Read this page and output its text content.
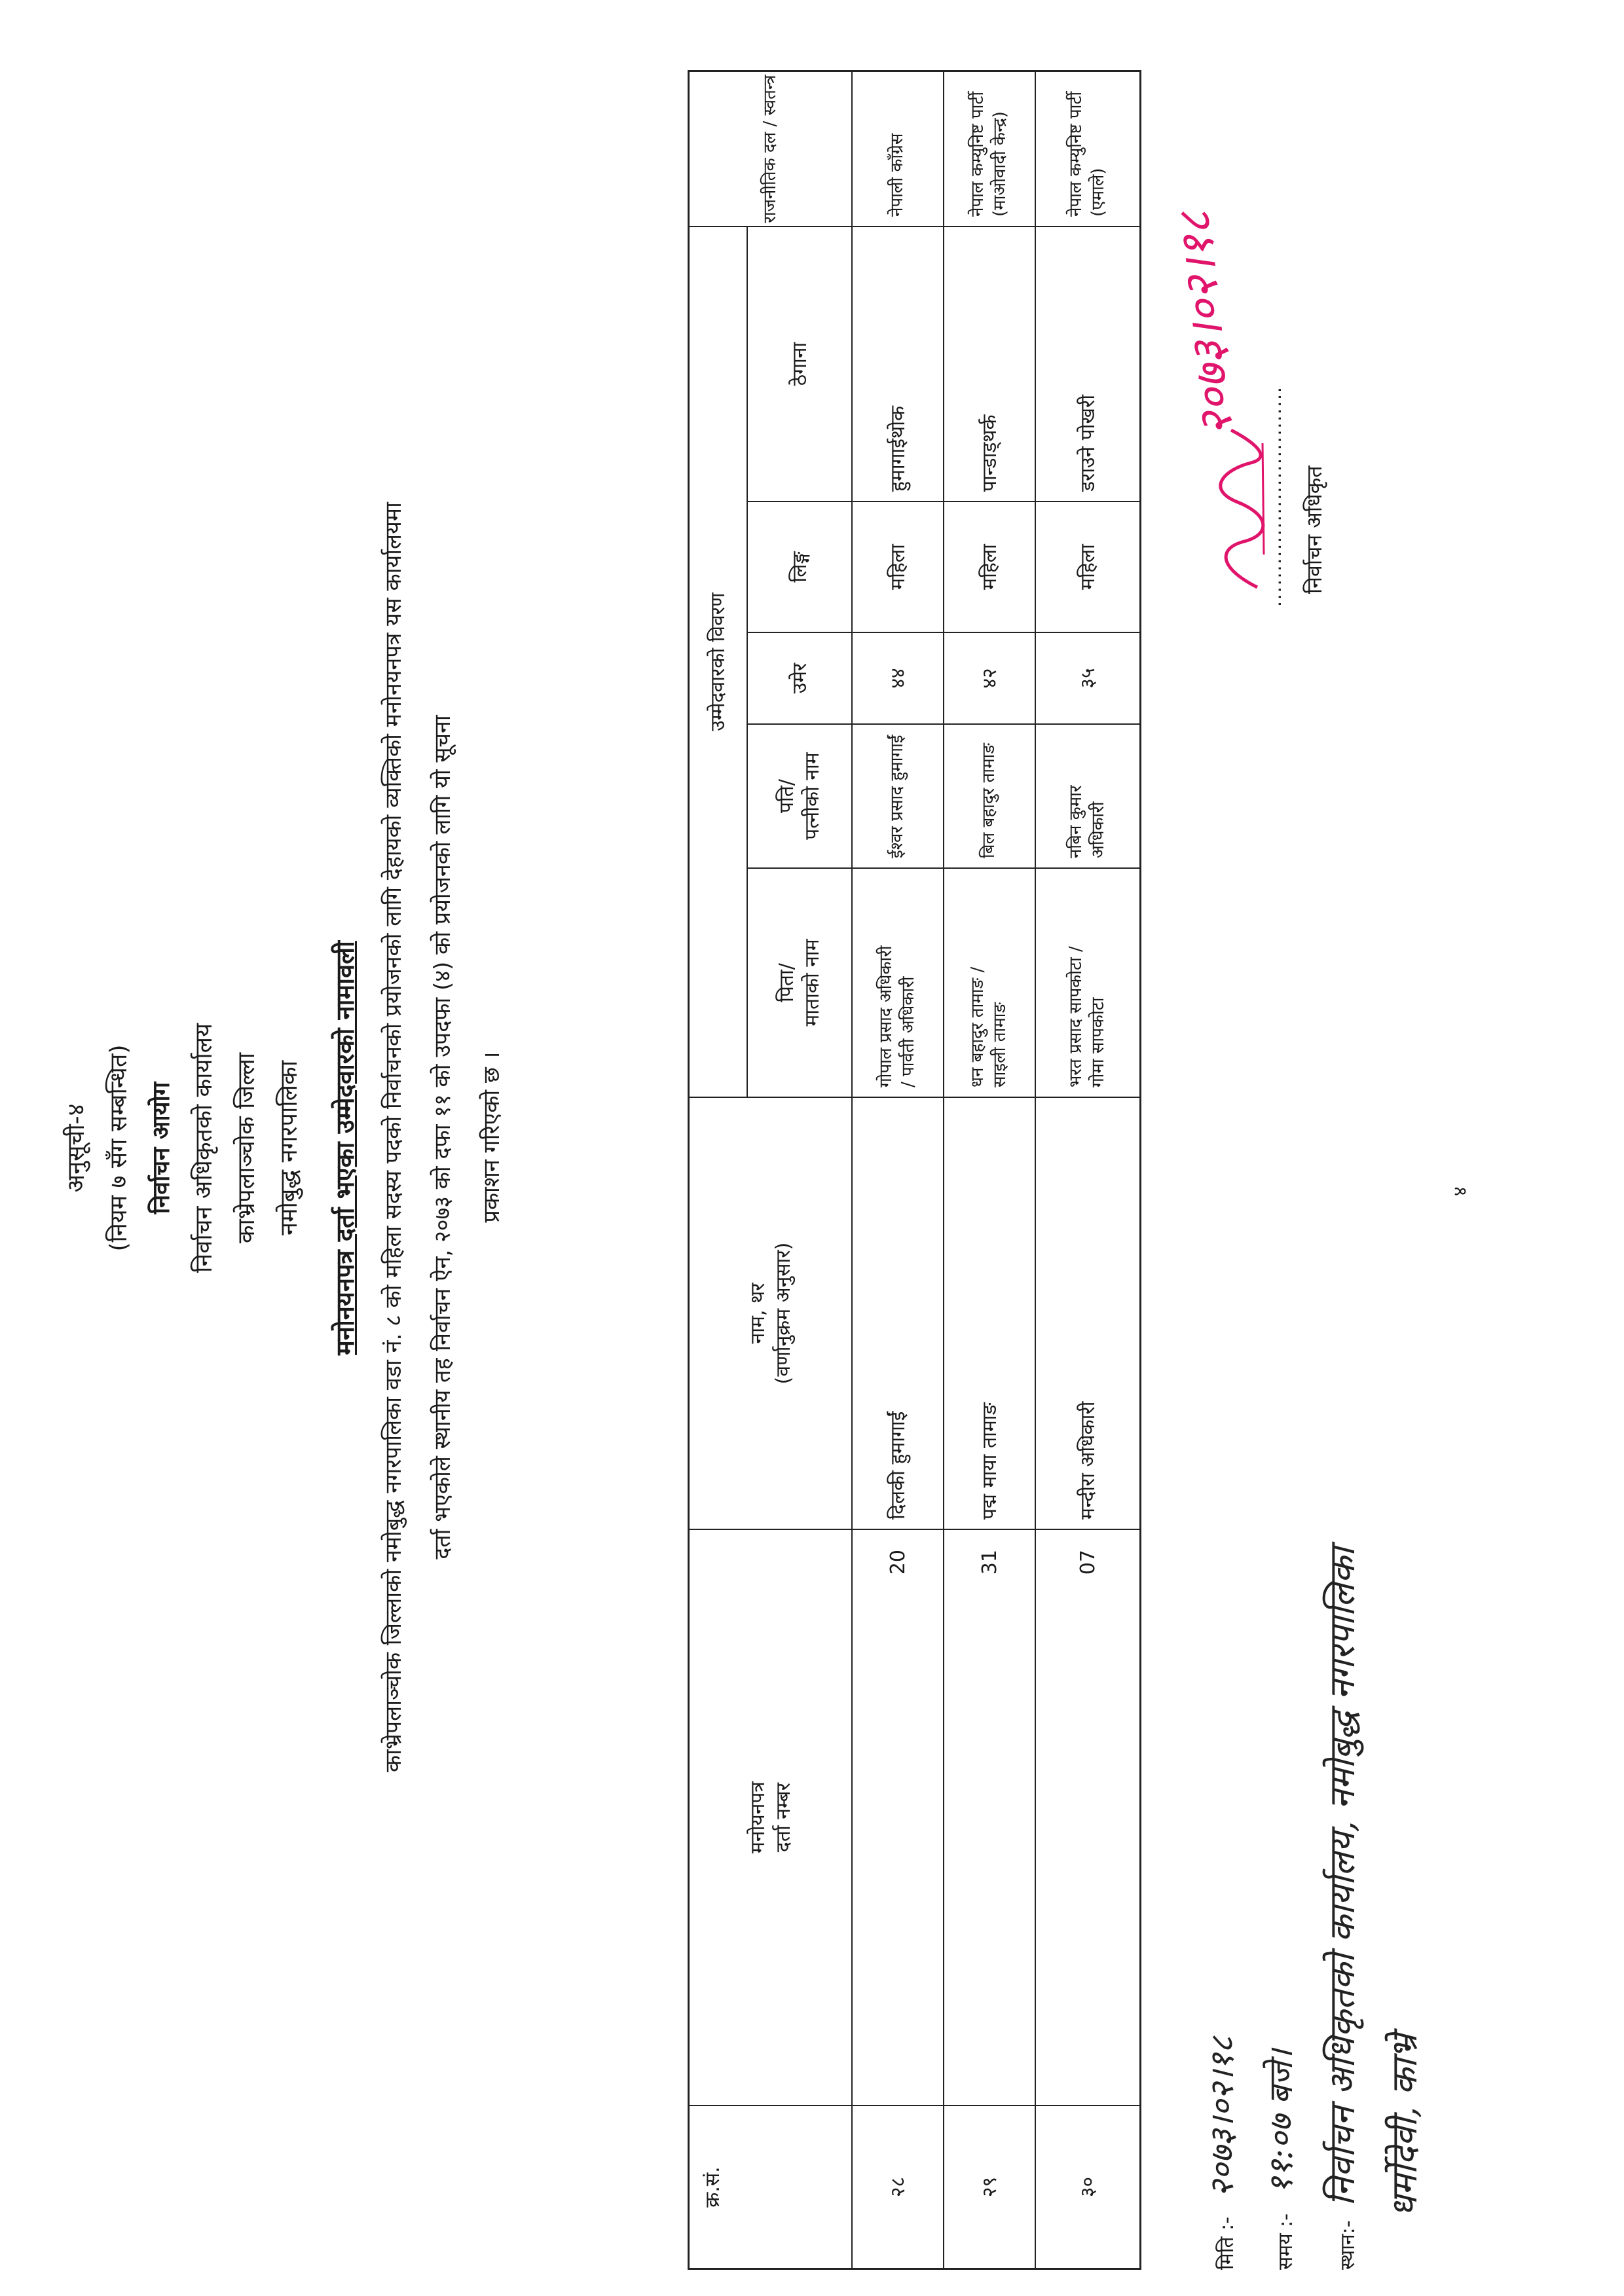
अनुसूची-४ (नियम ७ सँग सम्बन्धित) निर्वाचन आयोग निर्वाचन अधिकृतको कार्यालय काभ्रेपलाञ्चोक जिल्ला नमोबुद्ध नगरपालिका मनोनयनपत्र दर्ता भएका उम्मेदवारको नामावली काभ्रेपलाञ्चोक जिल्लाको नमोबुद्ध नगरपालिका वडा नं. ८ को महिला सदस्य पदको निर्वाचनको प्रयोजनको लागि देहायको व्यक्तिको मनोनयनपत्र यस कार्यालयमा दर्ता भएकोले स्थानीय तह निर्वाचन ऐन, २०७३ को दफा ११ को उपदफा (४) को प्रयोजनको लागि यो सूचना प्रकाशन गरिएको छ ।
क्र.सं.
मनोयनपत्र दर्ता नम्बर
नाम, थर (वर्णानुक्रम अनुसार)
उम्मेदवारको विवरण
पिता/ माताको नाम
पति/ पत्नीको नाम
उमेर
लिङ्ग
ठेगाना
राजनीतिक दल / स्वतन्त्र
२८
20
दिलकी हुमागाईं
गोपाल प्रसाद अधिकारी / पार्वती अधिकारी
ईश्वर प्रसाद हुमागाईं
४४
महिला
हुमागाईथोक
नेपाली काँग्रेस
२९
31
पद्म माया तामाङ
धन बहादुर तामाङ / साइली तामाङ
बिल बहादुर तामाङ
४२
महिला
पान्डाड्थर्क
नेपाल कम्युनिष्ट पार्टी (माओवादी केन्द्र)
३०
07
मन्दीरा अधिकारी
भरत प्रसाद सापकोटा / गोमा सापकोटा
नबिन कुमार अधिकारी
३५
महिला
डराउने पोखरी
नेपाल कम्युनिष्ट पार्टी (एमाले)
मिति :- २०७३।०२।१८
समय :- ११:०७ बजे।
स्थान:- निर्वाचन अधिकृतको कार्यालय, नमोबुद्ध नगरपालिका धर्मोदेवी, काभ्रे
४
२०७३।०२।१८
............................... निर्वाचन अधिकृत
